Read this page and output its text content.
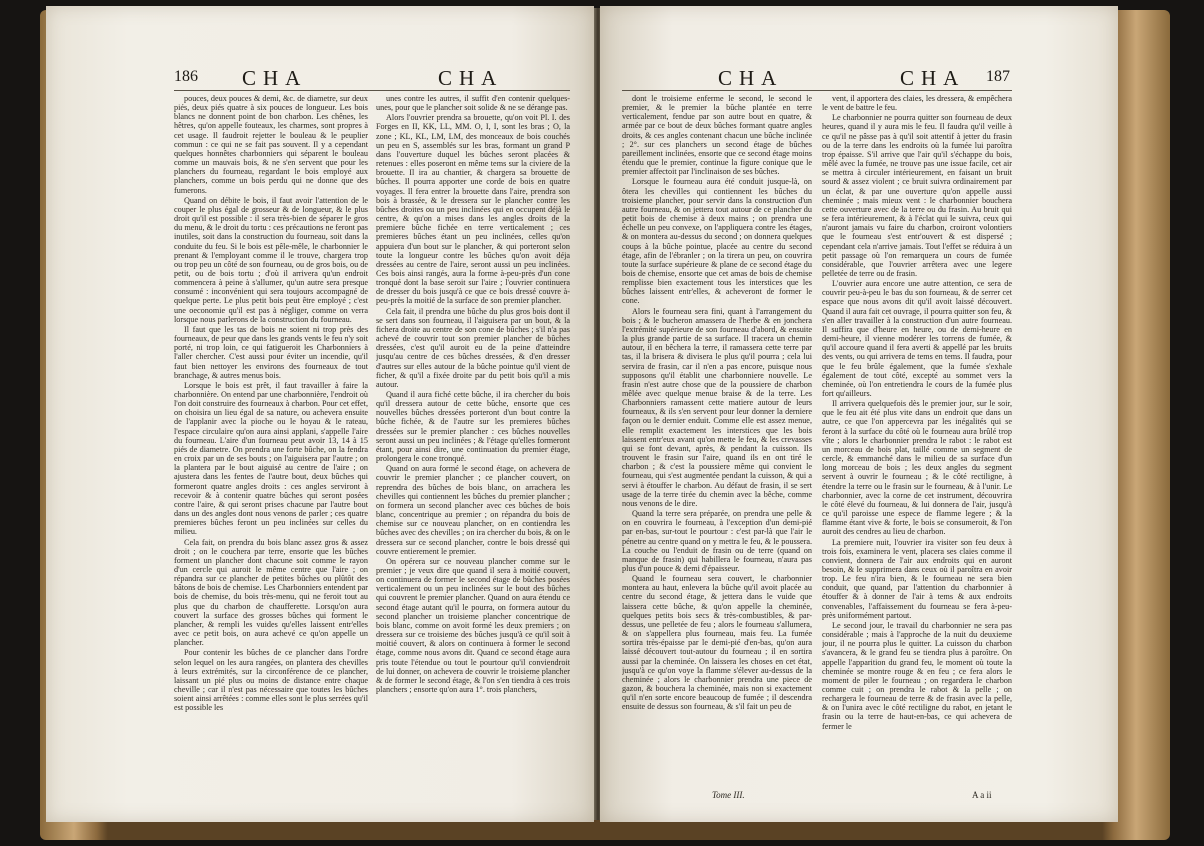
186 CHA	CHA

pouces, deux pouces & demi, &c. de diametre, sur deux piés, deux piés quatre à six pouces de longueur. Les bois blancs ne donnent point de bon charbon. Les chênes, les hêtres, qu'on appelle fouteaux, les charmes, sont propres à cet usage. Il faudroit rejetter le bouleau & le peuplier commun : ce qui ne se fait pas souvent. Il y a cependant quelques honnêtes charbonniers qui séparent le bouleau comme un mauvais bois, & ne s'en servent que pour les planchers du fourneau, regardant le bois employé aux planchers, comme un bois perdu qui ne donne que des fumerons.

Quand on débite le bois, il faut avoir l'attention de le couper le plus égal de grosseur & de longueur, & le plus droit qu'il est possible : il sera très-bien de séparer le gros du menu, & le droit du tortu : ces précautions ne feront pas inutiles, soit dans la construction du fourneau, soit dans la conduite du feu. Si le bois est pêle-mêle, le charbonnier le prenant & l'employant comme il le trouve, chargera trop ou trop peu un côté de son fourneau, ou de gros bois, ou de petit, ou de bois tortu ; d'où il arrivera qu'un endroit commencera à peine à s'allumer, qu'un autre sera presque consumé : inconvénient qui sera toujours accompagné de quelque perte. Le plus petit bois peut être employé ; c'est une oeconomie qu'il est pas à négliger, comme on verra lorsque nous parlerons de la construction du fourneau.

Il faut que les tas de bois ne soient ni trop près des fourneaux, de peur que dans les grands vents le feu n'y soit porté, ni trop loin, ce qui fatigueroit les Charbonniers à l'aller chercher. C'est aussi pour éviter un incendie, qu'il faut bien nettoyer les environs des fourneaux de tout branchage, & autres menus bois.

Lorsque le bois est prêt, il faut travailler à faire la charbonnière. On entend par une charbonnière, l'endroit où l'on doit construire des fourneaux à charbon. Pour cet effet, on choisira un lieu égal de sa nature, ou achevera ensuite de l'applanir avec la pioche ou le hoyau & le rateau, l'espace circulaire qu'on aura ainsi applani, s'appelle l'aire du fourneau. L'aire d'un fourneau peut avoir 13, 14 à 15 piés de diametre. On prendra une forte bûche, on la fendra en croix par un de ses bouts ; on l'aiguisera par l'autre ; on la plantera par le bout aiguisé au centre de l'aire ; on ajustera dans les fentes de l'autre bout, deux bûches qui formeront quatre angles droits : ces angles serviront à recevoir & à contenir quatre bûches qui seront posées contre l'aire, & qui seront prises chacune par l'autre bout dans un des angles dont nous venons de parler ; ces quatre premieres bûches feront un peu inclinées sur celles du milieu.

Cela fait, on prendra du bois blanc assez gros & assez droit ; on le couchera par terre, ensorte que les bûches forment un plancher dont chacune soit comme le rayon d'un cercle qui auroit le même centre que l'aire ; on répandra sur ce plancher de petites bûches ou plûtôt des bâtons de bois de chemise. Les Charbonniers entendent par bois de chemise, du bois très-menu, qui ne feroit tout au plus que du charbon de chaufferette. Lorsqu'on aura couvert la surface des grosses bûches qui forment le plancher, & rempli les vuides qu'elles laissent entr'elles avec ce petit bois, on aura achevé ce qu'on appelle un plancher.

Pour contenir les bûches de ce plancher dans l'ordre selon lequel on les aura rangées, on plantera des chevilles à leurs extrémités, sur la circonférence de ce plancher, laissant un pié plus ou moins de distance entre chaque cheville ; car il n'est pas nécessaire que toutes les bûches soient ainsi arrêtées : comme elles sont le plus serrées qu'il est possible les

unes contre les autres, il suffit d'en contenir quelques-unes, pour que le plancher soit solide & ne se dérange pas.

Alors l'ouvrier prendra sa brouette, qu'on voit Pl. I. des Forges en II, KK, LL, MM. O, I, I, sont les bras ; O, la zone ; KL, KL, LM, LM, des monceaux de bois couchés un peu en S, assemblés sur les bras, formant un grand P dans l'ouverture duquel les bûches seront placées & retenues : elles poseront en même tems sur la civiere de la brouette. Il ira au chantier, & chargera sa brouette de bûches. Il pourra apporter une corde de bois en quatre voyages. Il fera entrer la brouette dans l'aire, prendra son bois à brassée, & le dressera sur le plancher contre les bûches droites ou un peu inclinées qui en occupent déjà le centre, & qu'on a mises dans les angles droits de la premiere bûche fichée en terre verticalement ; ces premieres bûches étant un peu inclinées, celles qu'on appuiera d'un bout sur le plancher, & qui porteront selon toute la longueur contre les bûches qu'on avoit déja dressées au centre de l'aire, seront aussi un peu inclinées. Ces bois ainsi rangés, aura la forme à-peu-près d'un cone tronqué dont la base seroit sur l'aire ; l'ouvrier continuera de dresser du bois jusqu'à ce que ce bois dressé couvre à-peu-près la moitié de la surface de son premier plancher.

Cela fait, il prendra une bûche du plus gros bois dont il se sert dans son fourneau, il l'aiguisera par un bout, & la fichera droite au centre de son cone de bûches ; s'il n'a pas achevé de couvrir tout son premier plancher de bûches dressées, c'est qu'il auroit eu de la peine d'atteindre jusqu'au centre de ces bûches dressées, & d'en dresser d'autres sur elles autour de la bûche pointue qu'il vient de ficher, & qu'il a fixée droite par du petit bois qu'il a mis autour.

Quand il aura fiché cette bûche, il ira chercher du bois qu'il dressera autour de cette bûche, ensorte que ces nouvelles bûches dressées porteront d'un bout contre la bûche fichée, & de l'autre sur les premieres bûches dressées sur le premier plancher : ces bûches nouvelles seront aussi un peu inclinées ; & l'étage qu'elles formeront étant, pour ainsi dire, une continuation du premier étage, prolongera le cone tronqué.

Quand on aura formé le second étage, on achevera de couvrir le premier plancher ; ce plancher couvert, on reprendra des bûches de bois blanc, on arrachera les chevilles qui contiennent les bûches du premier plancher ; on formera un second plancher avec ces bûches de bois blanc, concentrique au premier ; on répandra du bois de chemise sur ce nouveau plancher, on en contiendra les bûches avec des chevilles ; on ira chercher du bois, & on le dressera sur ce second plancher, contre le bois dressé qui couvre entierement le premier.

On opérera sur ce nouveau plancher comme sur le premier ; je veux dire que quand il sera à moitié couvert, on continuera de former le second étage de bûches posées verticalement ou un peu inclinées sur le bout des bûches qui couvrent le premier plancher. Quand on aura étendu ce second étage autant qu'il le pourra, on formera autour du second plancher un troisieme plancher concentrique de bois blanc, comme on avoit formé les deux premiers ; on dressera sur ce troisieme des bûches jusqu'à ce qu'il soit à moitié couvert, & alors on continuera à former le second étage, comme nous avons dit. Quand ce second étage aura pris toute l'étendue ou tout le pourtour qu'il conviendroit de lui donner, on achevera de couvrir le troisieme plancher & de former le second étage, & l'on s'en tiendra à ces trois planchers ; ensorte qu'on aura 1°. trois planchers,

CHA	CHA 187

dont le troisieme enferme le second, le second le premier, & le premier la bûche plantée en terre verticalement, fendue par son autre bout en quatre, & armée par ce bout de deux bûches formant quatre angles droits, & ces angles contenant chacun une bûche inclinée ; 2°. sur ces planchers un second étage de bûches pareillement inclinées, ensorte que ce second étage moins étendu que le premier, continue la figure conique que le premier affectoit par l'inclinaison de ses bûches.

Lorsque le fourneau aura été conduit jusque-là, on ôtera les chevilles qui contiennent les bûches du troisieme plancher, pour servir dans la construction d'un autre fourneau, & on jettera tout autour de ce plancher du petit bois de chemise à deux mains ; on prendra une échelle un peu convexe, on l'appliquera contre les étages, & on montera au-dessus du second ; on donnera quelques coups à la bûche pointue, placée au centre du second étage, afin de l'ébranler ; on la tirera un peu, on couvrira toute la surface supérieure & plane de ce second étage du bois de chemise, ensorte que cet amas de bois de chemise remplisse bien exactement tous les interstices que les bûches laissent entr'elles, & acheveront de former le cone.

Alors le fourneau sera fini, quant à l'arrangement du bois ; & le bucheron amassera de l'herbe & en jonchera l'extrémité supérieure de son fourneau d'abord, & ensuite la plus grande partie de sa surface. Il tracera un chemin autour, il en bêchera la terre, il ramassera cette terre par tas, il la brisera & divisera le plus qu'il pourra ; cela lui servira de frasin, car il n'en a pas encore, puisque nous supposons qu'il établit une charbonniere nouvelle. Le frasin n'est autre chose que de la poussiere de charbon mêlée avec quelque menue braise & de la terre. Les Charbonniers ramassent cette matiere autour de leurs fourneaux, & ils s'en servent pour leur donner la derniere façon ou le dernier enduit. Comme elle est assez menue, elle remplit exactement les interstices que les bois laissent entr'eux avant qu'on mette le feu, & les crevasses qui se font devant, après, & pendant la cuisson. Ils trouvent le frasin sur l'aire, quand ils en ont tiré le charbon ; & c'est la poussiere même qui convient le fourneau, qui s'est augmentée pendant la cuisson, & qui a servi à étouffer le charbon. Au défaut de frasin, il se sert usage de la terre tirée du chemin avec la bêche, comme nous venons de le dire.

Quand la terre sera préparée, on prendra une pelle & on en couvrira le fourneau, à l'exception d'un demi-pié par en-bas, sur-tout le pourtour : c'est par-là que l'air le pénetre au centre quand on y mettra le feu, & le poussera. La couche ou l'enduit de frasin ou de terre (quand on manque de frasin) qui habillera le fourneau, n'aura pas plus d'un pouce & demi d'épaisseur.

Quand le fourneau sera couvert, le charbonnier montera au haut, enlevera la bûche qu'il avoit placée au centre du second étage, & jettera dans le vuide que laissera cette bûche, & qu'on appelle la cheminée, quelques petits bois secs & très-combustibles, & par-dessus, une pelletée de feu ; alors le fourneau s'allumera, & on s'appellera plus fourneau, mais feu. La fumée sortira très-épaisse par le demi-pié d'en-bas, qu'on aura laissé découvert tout-autour du fourneau ; il en sortira aussi par la cheminée. On laissera les choses en cet état, jusqu'à ce qu'on voye la flamme s'élever au-dessus de la cheminée ; alors le charbonnier prendra une piece de gazon, & bouchera la cheminée, mais non si exactement qu'il n'en sorte encore beaucoup de fumée ; il descendra ensuite de dessus son fourneau, & s'il fait un peu de

vent, il apportera des claies, les dressera, & empêchera le vent de battre le feu.

Le charbonnier ne pourra quitter son fourneau de deux heures, quand il y aura mis le feu. Il faudra qu'il veille à ce qu'il ne pâsse pas à qu'il soit attentif à jetter du frasin ou de la terre dans les endroits où la fumée lui paroîtra trop épaisse. S'il arrive que l'air qu'il s'échappe du bois, mêlé avec la fumée, ne trouve pas une issue facile, cet air se mettra à circuler intérieurement, en faisant un bruit sourd & assez violent ; ce bruit suivra ordinairement par un éclat, & par une ouverture qu'on appelle aussi cheminée ; mais mieux vent : le charbonnier bouchera cette ouverture avec de la terre ou du frasin. Au bruit qui se fera intérieurement, & à l'éclat qui le suivra, ceux qui n'auront jamais vu faire du charbon, croiront volontiers que le fourneau s'est entr'ouvert & est dispersé ; cependant cela n'arrive jamais. Tout l'effet se réduira à un petit passage où l'on remarquera un cours de fumée considérable, que l'ouvrier arrêtera avec une legere pelletée de terre ou de frasin.

L'ouvrier aura encore une autre attention, ce sera de couvrir peu-à-peu le bas du son fourneau, & de serrer cet espace que nous avons dit qu'il avoit laissé découvert. Quand il aura fait cet ouvrage, il pourra quitter son feu, & s'en aller travailler à la construction d'un autre fourneau. Il suffira que d'heure en heure, ou de demi-heure en demi-heure, il vienne modérer les torrens de fumée, & qu'il accoure quand il fera averti & appellé par les bruits des vents, ou qui arrivera de tems en tems. Il faudra, pour que le feu brûle également, que la fumée s'exhale également de tout côté, excepté au sommet vers la cheminée, où l'on entretiendra le cours de la fumée plus fort qu'ailleurs.

Il arrivera quelquefois dès le premier jour, sur le soir, que le feu ait été plus vite dans un endroit que dans un autre, ce que l'on appercevra par les inégalités qui se feront à la surface du côté où le fourneau aura brûlé trop vîte ; alors le charbonnier prendra le rabot : le rabot est un morceau de bois plat, taillé comme un segment de cercle, & emmanché dans le milieu de sa surface d'un long morceau de bois ; les deux angles du segment servent à ouvrir le fourneau ; & le côté rectiligne, à étendre la terre ou le frasin sur le fourneau, & à l'unir. Le charbonnier, avec la corne de cet instrument, découvrira le côté élevé du fourneau, & lui donnera de l'air, jusqu'à ce qu'il paroisse une espece de flamme legere ; & la flamme étant vive & forte, le bois se consumeroit, & l'on auroit des cendres au lieu de charbon.

La premiere nuit, l'ouvrier ira visiter son feu deux à trois fois, examinera le vent, placera ses claies comme il convient, donnera de l'air aux endroits qui en auront besoin, & le supprimera dans ceux où il paroîtra en avoir trop. Le feu n'ira bien, & le fourneau ne sera bien conduit, que quand, par l'attention du charbonnier à étouffer & à donner de l'air à tems & aux endroits convenables, l'affaissement du fourneau se fera à-peu-près uniformément partout.

Le second jour, le travail du charbonnier ne sera pas considérable ; mais à l'approche de la nuit du deuxieme jour, il ne pourra plus le quitter. La cuisson du charbon s'avancera, & le grand feu se tiendra plus à paroître. On appelle l'apparition du grand feu, le moment où toute la cheminée se montre rouge & en feu ; ce fera alors le moment de piler le fourneau ; on regardera le charbon comme cuit ; on prendra le rabot & la pelle ; on rechargera le fourneau de terre & de frasin avec la pelle, & on l'unira avec le côté rectiligne du rabot, en jetant le frasin ou la terre de haut-en-bas, ce qui achevera de fermer le

Tome III.	A a ii
